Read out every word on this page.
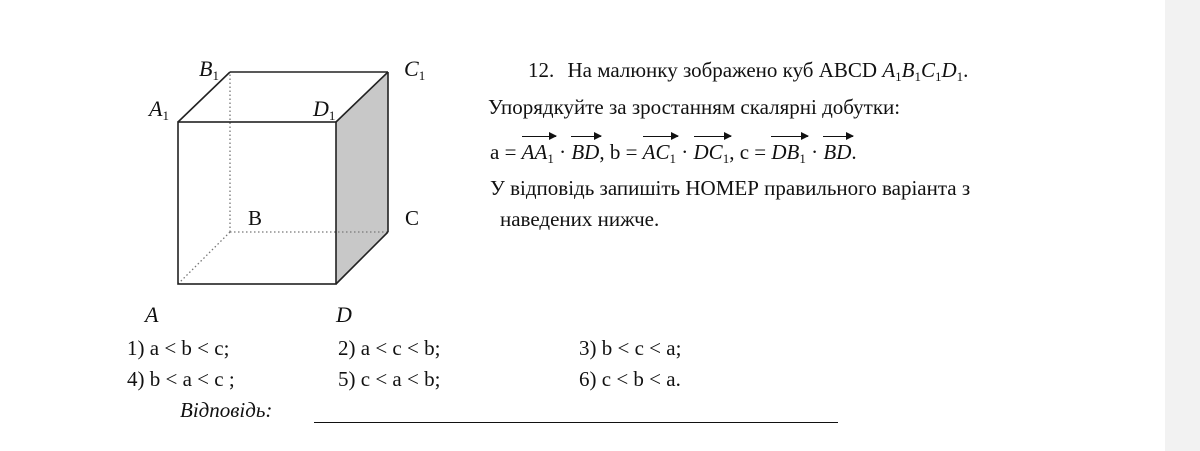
$B_1$	$C_1$
$A_1$	$D_1$
B	C
A	D
12. На малюнку зображено куб ABCD $A_1B_1C_1D_1$.
Упорядкуйте за зростанням скалярні добутки:
$a = AA_1$ · BD, $b = AC_1 \cdot DC_1$, $c = DB_1$ · BD.
У відповідь запишіть НОМЕР правильного варіанта з
наведених нижче.
1) a < b < c;	2) a < c < b;	3) b < c < a;
4) b < a < c ;	5) c < a < b;	6) c < b < a.
Відповідь:
